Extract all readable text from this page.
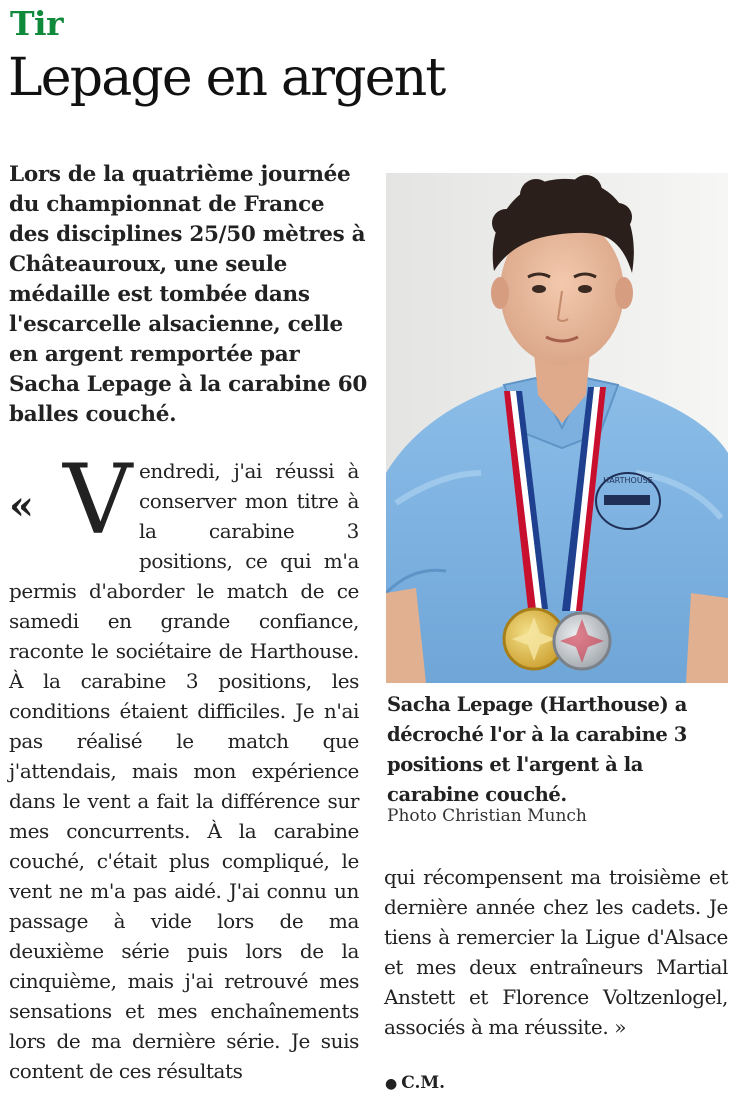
Tir
Lepage en argent

Lors de la quatrième journée du championnat de France des disciplines 25/50 mètres à Châteauroux, une seule médaille est tombée dans l'escarcelle alsacienne, celle en argent remportée par Sacha Lepage à la carabine 60 balles couché.

« V endredi, j'ai réussi à conserver mon titre à la carabine 3 positions, ce qui m'a permis d'aborder le match de ce samedi en grande confiance, raconte le sociétaire de Harthouse. À la carabine 3 positions, les conditions étaient difficiles. Je n'ai pas réalisé le match que j'attendais, mais mon expérience dans le vent a fait la différence sur mes concurrents. À la carabine couché, c'était plus compliqué, le vent ne m'a pas aidé. J'ai connu un passage à vide lors de ma deuxième série puis lors de la cinquième, mais j'ai retrouvé mes sensations et mes enchaînements lors de ma dernière série. Je suis content de ces résultats

HARTHOUSE
Sacha Lepage (Harthouse) a décroché l'or à la carabine 3 positions et l'argent à la carabine couché.
Photo Christian Munch

qui récompensent ma troisième et dernière année chez les cadets. Je tiens à remercier la Ligue d'Alsace et mes deux entraîneurs Martial Anstett et Florence Voltzenlogel, associés à ma réussite. »

● C.M.
